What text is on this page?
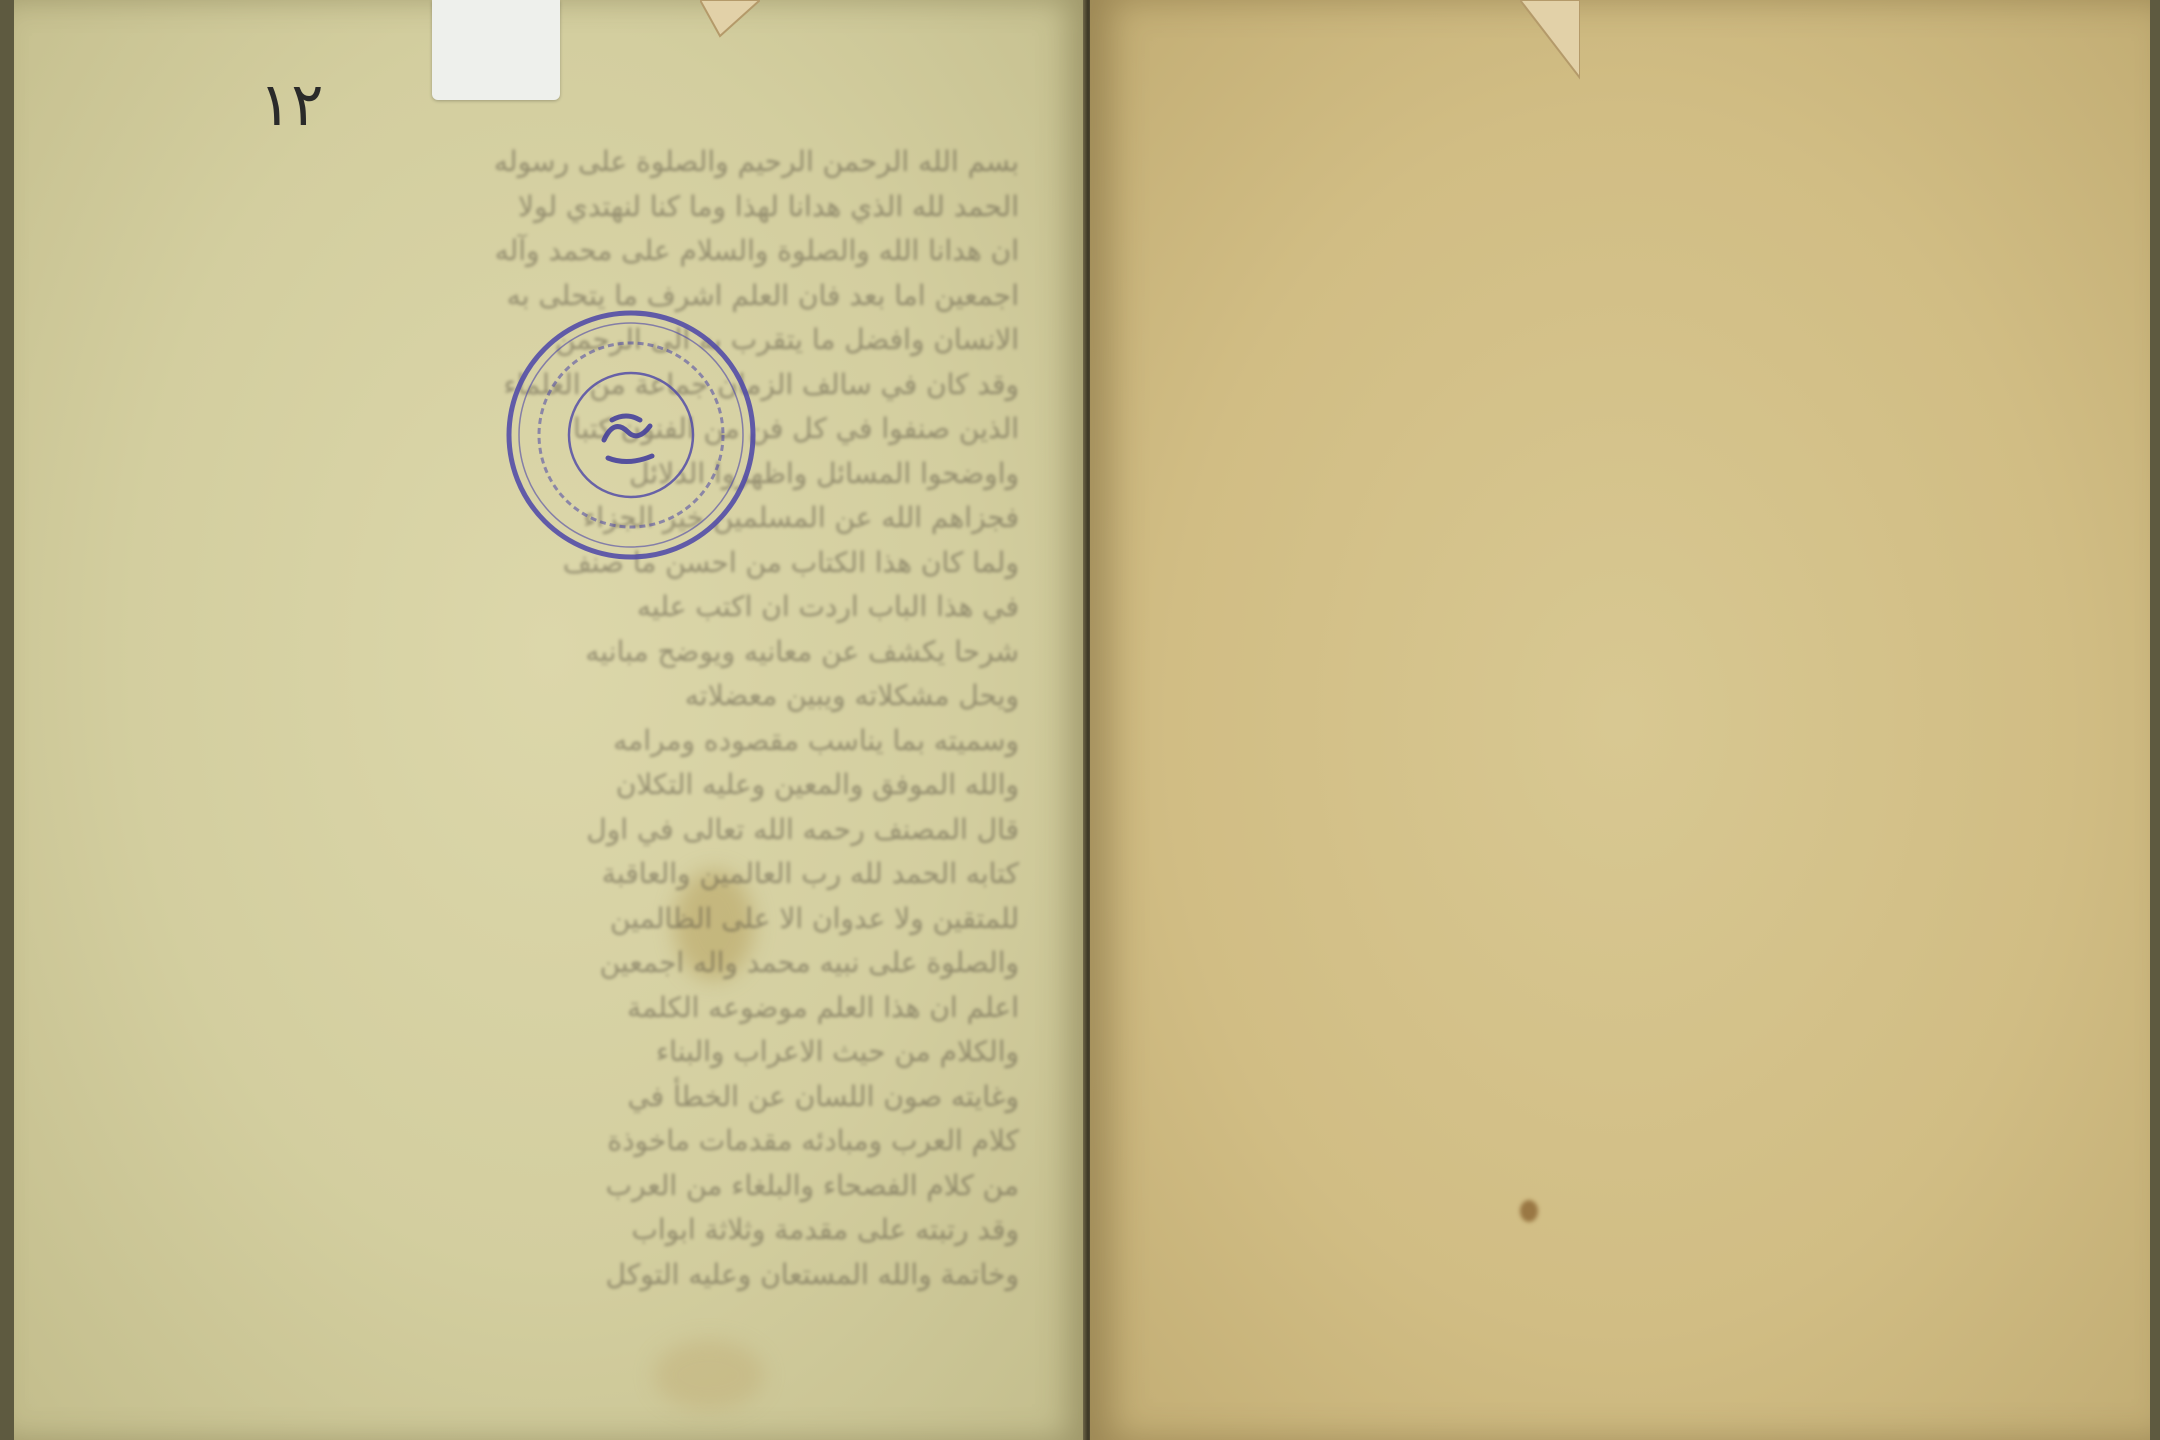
١٢
بسم الله الرحمن الرحيم والصلوة على رسوله
الحمد لله الذي هدانا لهذا وما كنا لنهتدي لولا
ان هدانا الله والصلوة والسلام على محمد وآله
اجمعين اما بعد فان العلم اشرف ما يتحلى به
الانسان وافضل ما يتقرب به الى الرحمن
وقد كان في سالف الزمان جماعة من العلماء
الذين صنفوا في كل فن من الفنون كتبا
واوضحوا المسائل واظهروا الدلائل
فجزاهم الله عن المسلمين خير الجزاء
ولما كان هذا الكتاب من احسن ما صنف
في هذا الباب اردت ان اكتب عليه
شرحا يكشف عن معانيه ويوضح مبانيه
ويحل مشكلاته ويبين معضلاته
وسميته بما يناسب مقصوده ومرامه
والله الموفق والمعين وعليه التكلان
قال المصنف رحمه الله تعالى في اول
كتابه الحمد لله رب العالمين والعاقبة
للمتقين ولا عدوان الا على الظالمين
والصلوة على نبيه محمد واله اجمعين
اعلم ان هذا العلم موضوعه الكلمة
والكلام من حيث الاعراب والبناء
وغايته صون اللسان عن الخطأ في
كلام العرب ومبادئه مقدمات ماخوذة
من كلام الفصحاء والبلغاء من العرب
وقد رتبته على مقدمة وثلاثة ابواب
وخاتمة والله المستعان وعليه التوكل
